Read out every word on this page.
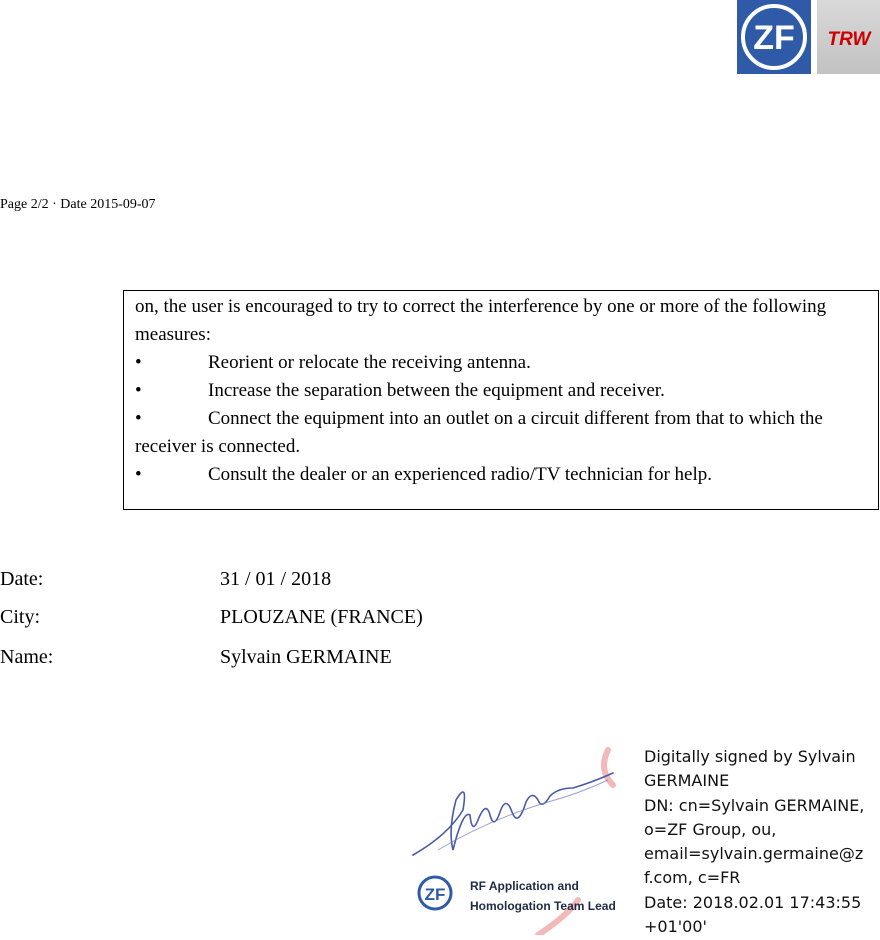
ZF TRW
Page 2/2 · Date 2015-09-07

on, the user is encouraged to try to correct the interference by one or more of the following measures:

•	Reorient or relocate the receiving antenna.
•	Increase the separation between the equipment and receiver.
•	Connect the equipment into an outlet on a circuit different from that to which the receiver is connected.
•	Consult the dealer or an experienced radio/TV technician for help.
Date:	31 / 01 / 2018
City:	PLOUZANE (FRANCE)
Name:	Sylvain GERMAINE
ZF RF Application and
Homologation Team Lead
Digitally signed by Sylvain
GERMAINE
DN: cn=Sylvain GERMAINE,
o=ZF Group, ou,
email=sylvain.germaine@z
f.com, c=FR
Date: 2018.02.01 17:43:55
+01'00'
